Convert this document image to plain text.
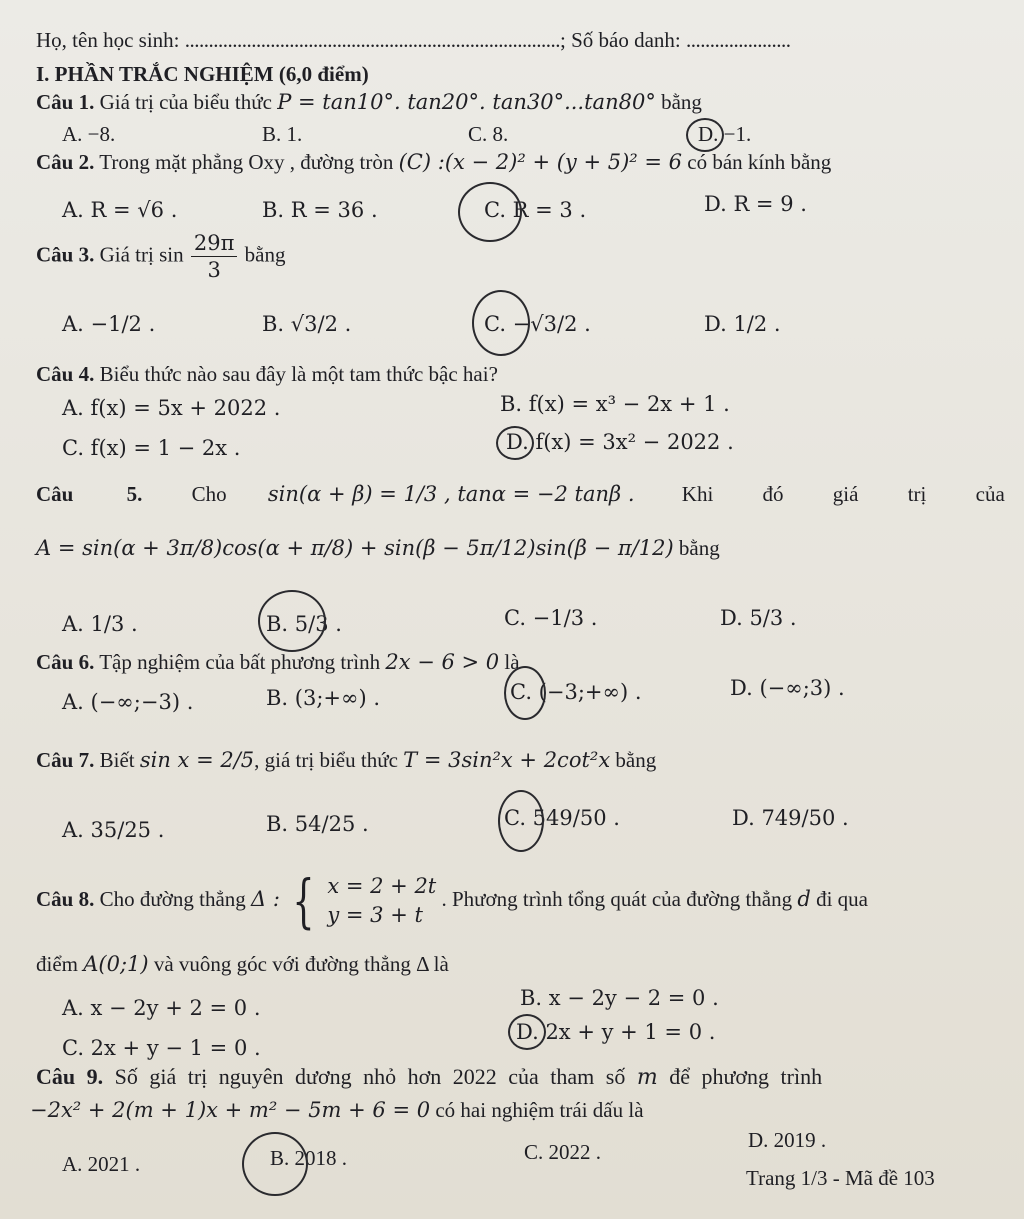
Họ, tên học sinh: ...............................................................................; Số báo danh: ......................
I. PHẦN TRẮC NGHIỆM (6,0 điểm)
Câu 1. Giá trị của biểu thức P = tan10°. tan20°. tan30°...tan80° bằng
A. −8.	B. 1.	C. 8.	D. −1.
Câu 2. Trong mặt phẳng Oxy , đường tròn (C) :(x − 2)² + (y + 5)² = 6 có bán kính bằng
A. R = √6 .	B. R = 36 .	C. R = 3 .	D. R = 9 .
Câu 3. Giá trị $\sin \frac{29\pi}{3}$ bằng
A. −1/2 .	B. √3/2 .	C. −√3/2 .	D. 1/2 .
Câu 4. Biểu thức nào sau đây là một tam thức bậc hai?
A. f(x) = 5x + 2022 .	B. f(x) = x³ − 2x + 1 .
C. f(x) = 1 − 2x .	D. f(x) = 3x² − 2022 .
Câu	5. Cho sin(α + β) = 1/3 , tanα = −2 tanβ . Khi đó giá trị của
A = sin(α + 3π/8)cos(α + π/8) + sin(β − 5π/12)sin(β − π/12) bằng
A. 1/3 .	B. 5/3 .	C. −1/3 .	D. 5/3 .
Câu 6. Tập nghiệm của bất phương trình 2x − 6 > 0 là
A. (−∞;−3) .	B. (3;+∞) .	C. (−3;+∞) .	D. (−∞;3) .
Câu 7. Biết sin x = 2/5, giá trị biểu thức T = 3sin²x + 2cot²x bằng
A. 35/25 .	B. 54/25 .	C. 549/50 .	D. 749/50 .
Câu 8. Cho đường thẳng Δ : { x = 2 + 2t
y = 3 + t
. Phương trình tổng quát của đường thẳng d đi qua
điểm A(0;1) và vuông góc với đường thẳng Δ là
A. x − 2y + 2 = 0 .	B. x − 2y − 2 = 0 .
C. 2x + y − 1 = 0 .
D. 2x + y + 1 = 0 .
Câu 9. Số giá trị nguyên dương nhỏ hơn 2022 của tham số m để phương trình
−2x² + 2(m + 1)x + m² − 5m + 6 = 0 có hai nghiệm trái dấu là
A. 2021 .	B. 2018 .	C. 2022 .	D. 2019 .
Trang 1/3 - Mã đề 103
